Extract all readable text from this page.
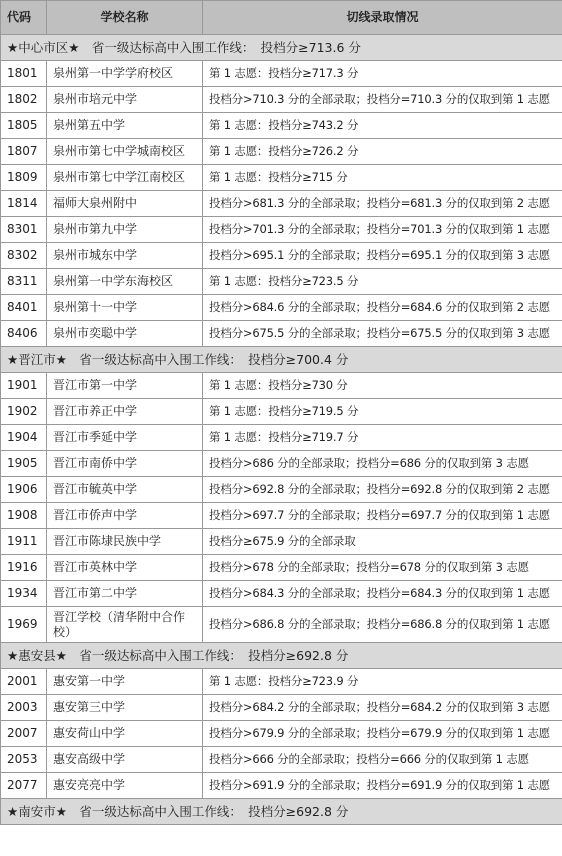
代码	学校名称	切线录取情况
★中心市区★　省一级达标高中入围工作线：　投档分≥713.6 分		
1801	泉州第一中学学府校区	第 1 志愿：投档分≥717.3 分
1802	泉州市培元中学	投档分>710.3 分的全部录取；投档分=710.3 分的仅取到第 1 志愿
1805	泉州第五中学	第 1 志愿：投档分≥743.2 分
1807	泉州市第七中学城南校区	第 1 志愿：投档分≥726.2 分
1809	泉州市第七中学江南校区	第 1 志愿：投档分≥715 分
1814	福师大泉州附中	投档分>681.3 分的全部录取；投档分=681.3 分的仅取到第 2 志愿
8301	泉州市第九中学	投档分>701.3 分的全部录取；投档分=701.3 分的仅取到第 1 志愿
8302	泉州市城东中学	投档分>695.1 分的全部录取；投档分=695.1 分的仅取到第 3 志愿
8311	泉州第一中学东海校区	第 1 志愿：投档分≥723.5 分
8401	泉州第十一中学	投档分>684.6 分的全部录取；投档分=684.6 分的仅取到第 2 志愿
8406	泉州市奕聪中学	投档分>675.5 分的全部录取；投档分=675.5 分的仅取到第 3 志愿
★晋江市★　省一级达标高中入围工作线：　投档分≥700.4 分		
1901	晋江市第一中学	第 1 志愿：投档分≥730 分
1902	晋江市养正中学	第 1 志愿：投档分≥719.5 分
1904	晋江市季延中学	第 1 志愿：投档分≥719.7 分
1905	晋江市南侨中学	投档分>686 分的全部录取；投档分=686 分的仅取到第 3 志愿
1906	晋江市毓英中学	投档分>692.8 分的全部录取；投档分=692.8 分的仅取到第 2 志愿
1908	晋江市侨声中学	投档分>697.7 分的全部录取；投档分=697.7 分的仅取到第 1 志愿
1911	晋江市陈埭民族中学	投档分≥675.9 分的全部录取
1916	晋江市英林中学	投档分>678 分的全部录取；投档分=678 分的仅取到第 3 志愿
1934	晋江市第二中学	投档分>684.3 分的全部录取；投档分=684.3 分的仅取到第 1 志愿
1969	晋江学校（清华附中合作校）	投档分>686.8 分的全部录取；投档分=686.8 分的仅取到第 1 志愿
★惠安县★　省一级达标高中入围工作线：　投档分≥692.8 分		
2001	惠安第一中学	第 1 志愿：投档分≥723.9 分
2003	惠安第三中学	投档分>684.2 分的全部录取；投档分=684.2 分的仅取到第 3 志愿
2007	惠安荷山中学	投档分>679.9 分的全部录取；投档分=679.9 分的仅取到第 1 志愿
2053	惠安高级中学	投档分>666 分的全部录取；投档分=666 分的仅取到第 1 志愿
2077	惠安亮亮中学	投档分>691.9 分的全部录取；投档分=691.9 分的仅取到第 1 志愿
★南安市★　省一级达标高中入围工作线：　投档分≥692.8 分		
